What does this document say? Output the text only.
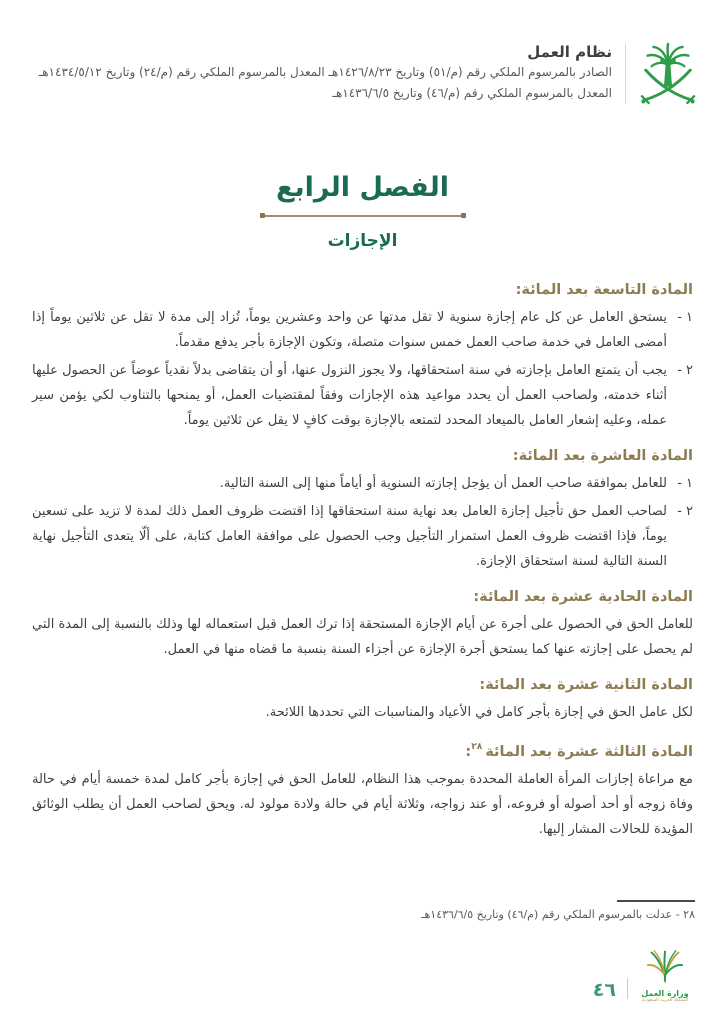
نظام العمل
الصادر بالمرسوم الملكي رقم (م/٥١) وتاريخ ١٤٢٦/٨/٢٣هـ المعدل بالمرسوم الملكي رقم (م/٢٤) وتاريخ ١٤٣٤/٥/١٢هـ
المعدل بالمرسوم الملكي رقم (م/٤٦) وتاريخ ١٤٣٦/٦/٥هـ
الفصل الرابع
الإجازات
المادة التاسعة بعد المائة:
١ -
يستحق العامل عن كل عام إجازة سنوية لا تقل مدتها عن واحد وعشرين يوماً، تُزاد إلى مدة لا تقل عن ثلاثين يوماً إذا أمضى العامل في خدمة صاحب العمل خمس سنوات متصلة، وتكون الإجازة بأجر يدفع مقدماً.
٢ -
يجب أن يتمتع العامل بإجازته في سنة استحقاقها، ولا يجوز النزول عنها، أو أن يتقاضى بدلاً نقدياً عوضاً عن الحصول عليها أثناء خدمته، ولصاحب العمل أن يحدد مواعيد هذه الإجازات وفقاً لمقتضيات العمل، أو يمنحها بالتناوب لكي يؤمن سير عمله، وعليه إشعار العامل بالميعاد المحدد لتمتعه بالإجازة بوقت كافٍ لا يقل عن ثلاثين يوماً.
المادة العاشرة بعد المائة:
١ -
للعامل بموافقة صاحب العمل أن يؤجل إجازته السنوية أو أياماً منها إلى السنة التالية.
٢ -
لصاحب العمل حق تأجيل إجازة العامل بعد نهاية سنة استحقاقها إذا اقتضت ظروف العمل ذلك لمدة لا تزيد على تسعين يوماً، فإذا اقتضت ظروف العمل استمرار التأجيل وجب الحصول على موافقة العامل كتابة، على ألّا يتعدى التأجيل نهاية السنة التالية لسنة استحقاق الإجازة.
المادة الحادية عشرة بعد المائة:

للعامل الحق في الحصول على أجرة عن أيام الإجازة المستحقة إذا ترك العمل قبل استعماله لها وذلك بالنسبة إلى المدة التي لم يحصل على إجازته عنها كما يستحق أجرة الإجازة عن أجزاء السنة بنسبة ما قضاه منها في العمل.

المادة الثانية عشرة بعد المائة:

لكل عامل الحق في إجازة بأجر كامل في الأعياد والمناسبات التي تحددها اللائحة.

المادة الثالثة عشرة بعد المائة$^{٢٨}$:

مع مراعاة إجازات المرأة العاملة المحددة بموجب هذا النظام، للعامل الحق في إجازة بأجر كامل لمدة خمسة أيام في حالة وفاة زوجه أو أحد أصوله أو فروعه، أو عند زواجه، وثلاثة أيام في حالة ولادة مولود له. ويحق لصاحب العمل أن يطلب الوثائق المؤيدة للحالات المشار إليها.

٢٨ - عدلت بالمرسوم الملكي رقم (م/٤٦) وتاريخ ١٤٣٦/٦/٥هـ
وزارة العمل
المملكة العربية السعودية
٤٦
